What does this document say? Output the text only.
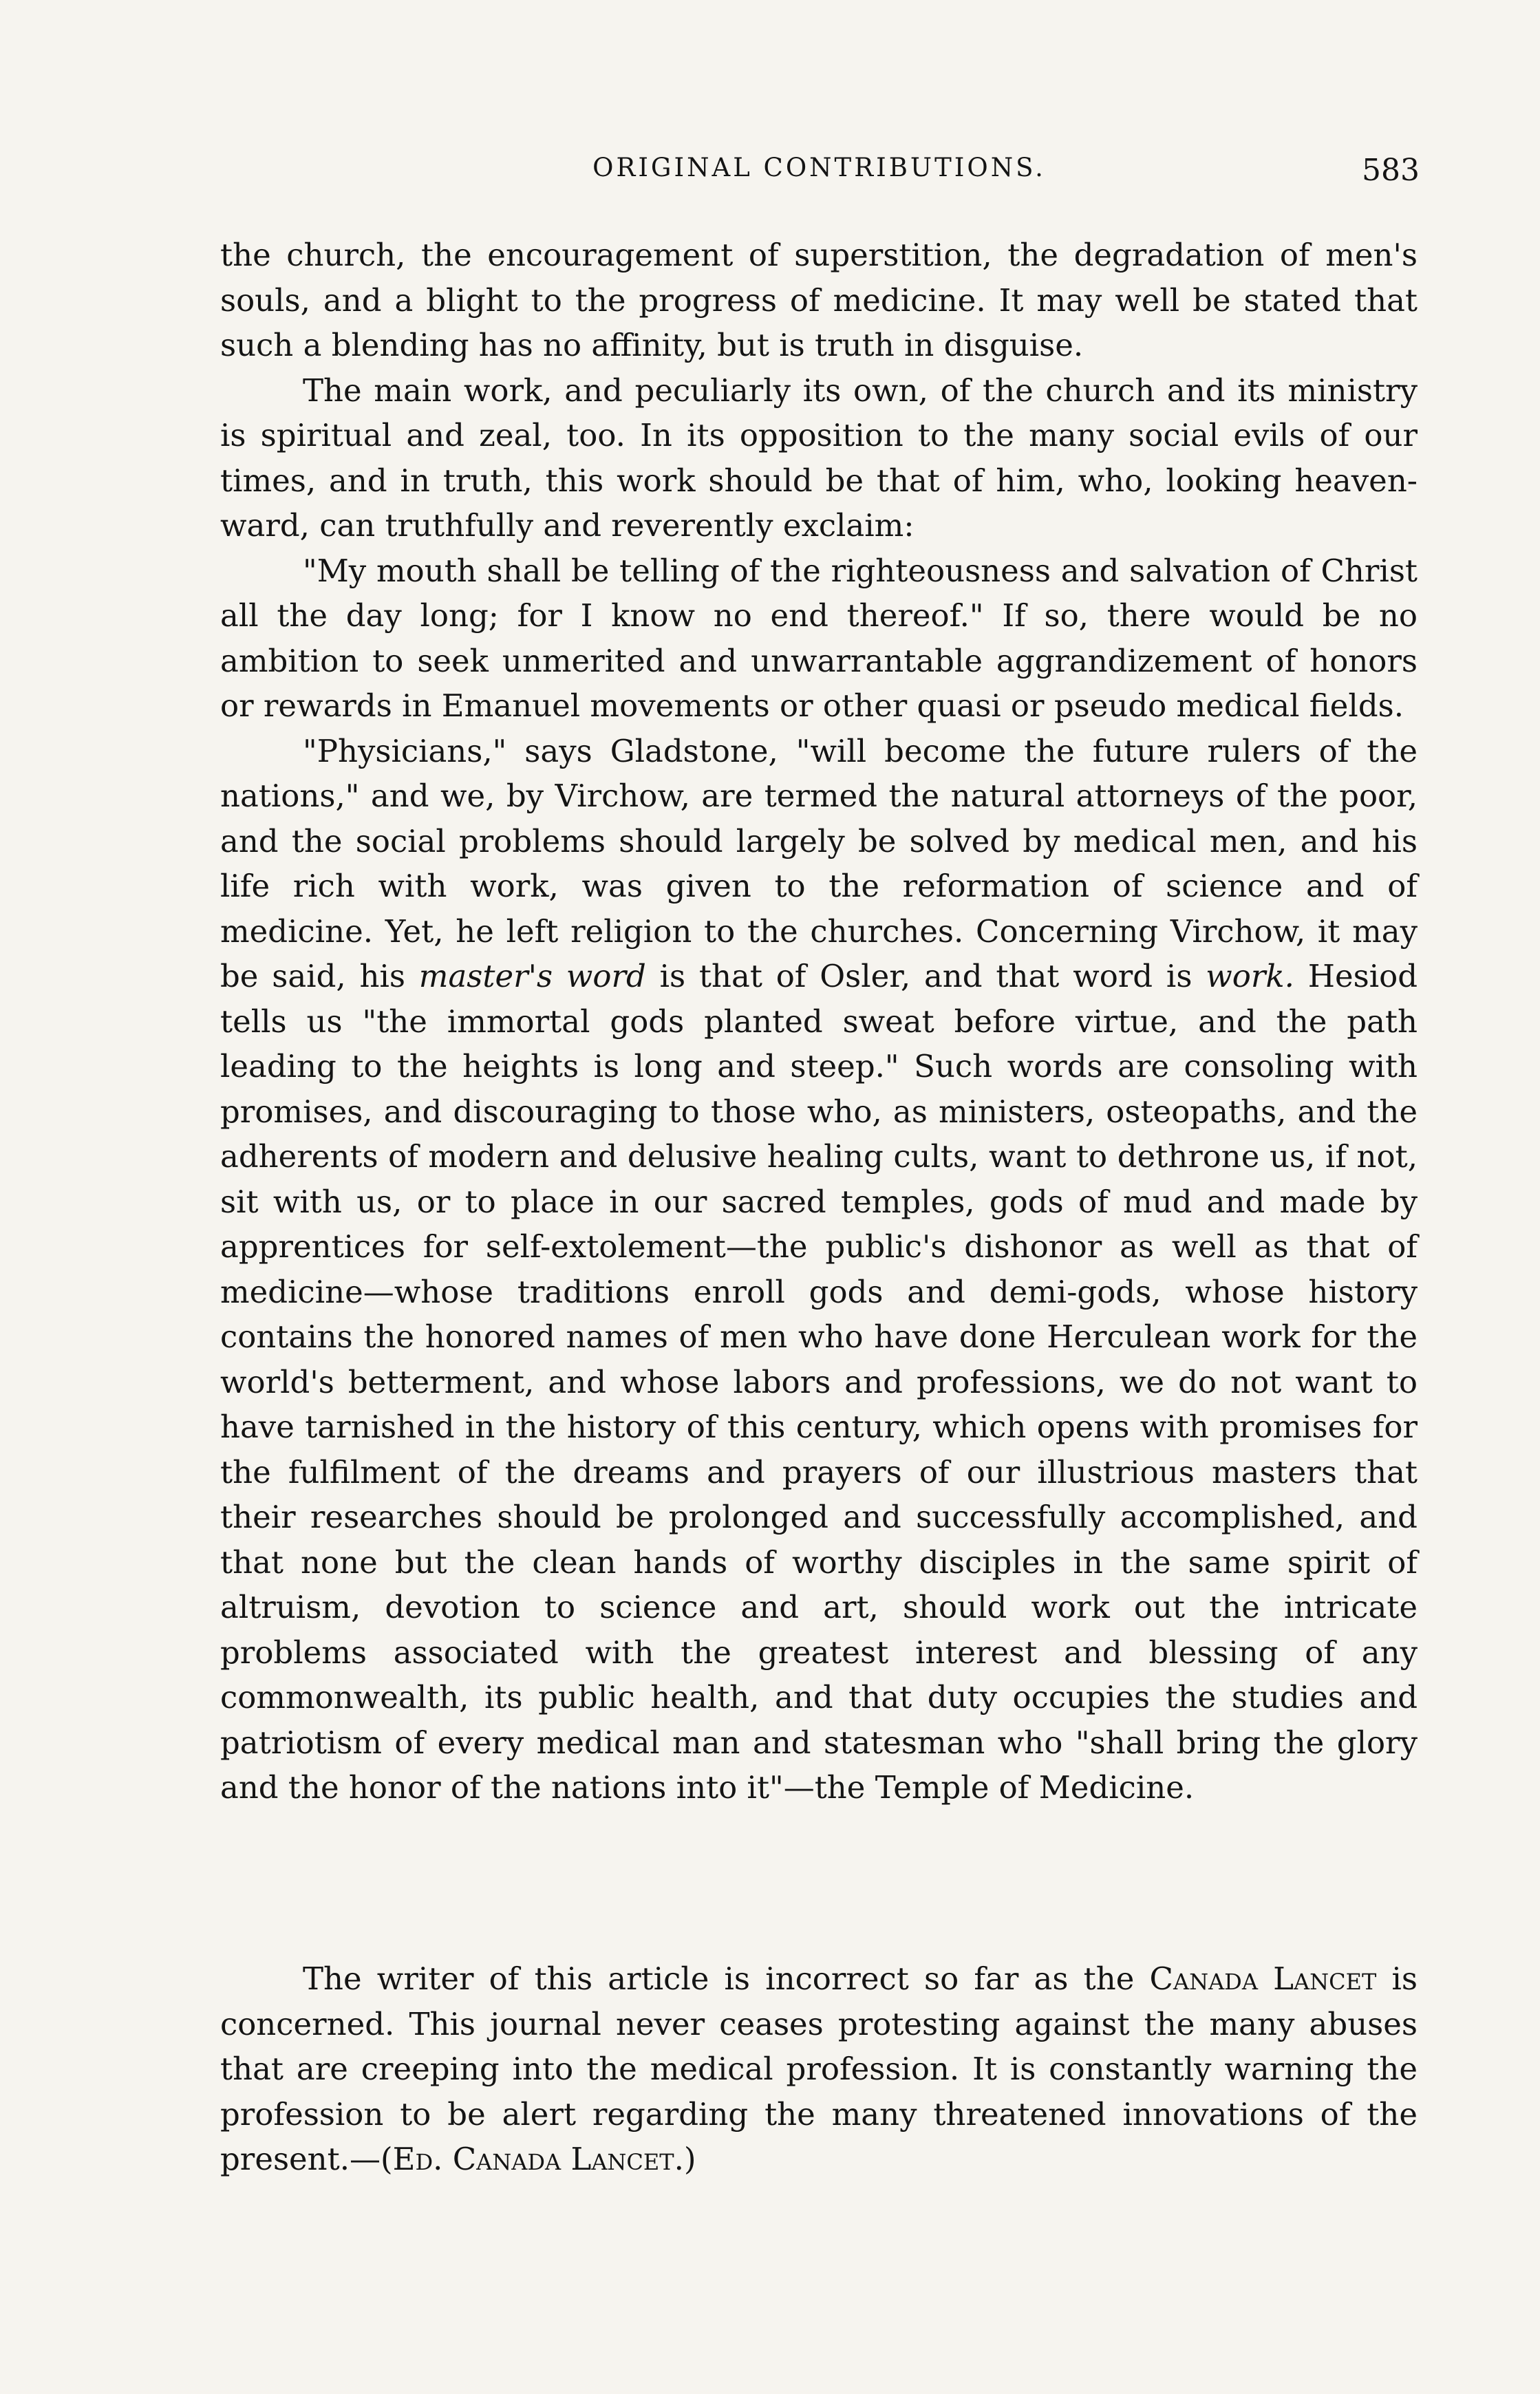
ORIGINAL CONTRIBUTIONS.	583

the church, the encouragement of superstition, the degradation of men's souls, and a blight to the progress of medicine. It may well be stated that such a blending has no affinity, but is truth in disguise.

The main work, and peculiarly its own, of the church and its ministry is spiritual and zeal, too. In its opposition to the many social evils of our times, and in truth, this work should be that of him, who, looking heaven-ward, can truthfully and reverently exclaim:

"My mouth shall be telling of the righteousness and salvation of Christ all the day long; for I know no end thereof." If so, there would be no ambition to seek unmerited and unwarrantable aggrandizement of honors or rewards in Emanuel movements or other quasi or pseudo medical fields.

"Physicians," says Gladstone, "will become the future rulers of the nations," and we, by Virchow, are termed the natural attorneys of the poor, and the social problems should largely be solved by medical men, and his life rich with work, was given to the reformation of science and of medicine. Yet, he left religion to the churches. Concerning Virchow, it may be said, his master's word is that of Osler, and that word is work. Hesiod tells us "the immortal gods planted sweat before virtue, and the path leading to the heights is long and steep." Such words are consoling with promises, and discouraging to those who, as ministers, osteopaths, and the adherents of modern and delusive healing cults, want to dethrone us, if not, sit with us, or to place in our sacred temples, gods of mud and made by apprentices for self-extolement—the public's dishonor as well as that of medicine—whose traditions enroll gods and demi-gods, whose history contains the honored names of men who have done Herculean work for the world's betterment, and whose labors and professions, we do not want to have tarnished in the history of this century, which opens with promises for the fulfilment of the dreams and prayers of our illustrious masters that their researches should be prolonged and successfully accomplished, and that none but the clean hands of worthy disciples in the same spirit of altruism, devotion to science and art, should work out the intricate problems associated with the greatest interest and blessing of any commonwealth, its public health, and that duty occupies the studies and patriotism of every medical man and statesman who "shall bring the glory and the honor of the nations into it"—the Temple of Medicine.

The writer of this article is incorrect so far as the Canada Lancet is concerned. This journal never ceases protesting against the many abuses that are creeping into the medical profession. It is constantly warning the profession to be alert regarding the many threatened innovations of the present.—(Ed. Canada Lancet.)
